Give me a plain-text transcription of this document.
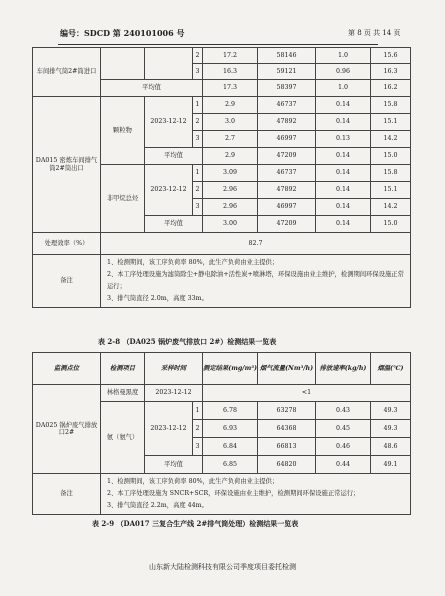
编号：SDCD 第 240101006 号	第 8 页 共 14 页
车间排气筒2#筒进口			2	17.2	58146	1.0	15.6
			3	16.3	59121	0.96	16.3
	平均值			17.3	58397	1.0	16.2
DA015 密炼车间排气筒2#筒出口	颗粒物	2023-12-12	1	2.9	46737	0.14	15.8
			2	3.0	47892	0.14	15.1
			3	2.7	46997	0.13	14.2
		平均值		2.9	47209	0.14	15.0
	非甲烷总烃	2023-12-12	1	3.09	46737	0.14	15.8
			2	2.96	47892	0.14	15.1
			3	2.96	46997	0.14	14.2
		平均值		3.00	47209	0.14	15.0
处理效率（%）	82.7						
备注	1、检测期间，该工序负荷率 80%，此生产负荷由业主提供；
2、本工序处理设施为滤筒除尘+静电除油+活性炭+喷淋塔，环保设施由业主维护，检测期间环保设施正常运行；
3、排气筒直径 2.0m，高度 33m。						
表 2-8 （DA025 锅炉废气排放口 2#）检测结果一览表
监测点位	检测项目	采样时间		测定结果(mg/m³)	烟气流量(Nm³/h)	排放速率(kg/h)	烟温(℃)
DA025 锅炉废气排放口2#	林格曼黑度	2023-12-12		<1			
	氨（氨气）	2023-12-12	1	6.78	63278	0.43	49.3
			2	6.93	64368	0.45	49.3
			3	6.84	66813	0.46	48.6
		平均值		6.85	64820	0.44	49.1
备注	1、检测期间，该工序负荷率 80%，此生产负荷由业主提供；
2、本工序处理设施为 SNCR+SCR，环保设施由业主维护，检测期间环保设施正常运行；
3、排气筒直径 2.2m，高度 44m。						
表 2-9 （DA017 三复合生产线 2#排气筒处理）检测结果一览表
山东新大陆检测科技有限公司季度项目委托检测
